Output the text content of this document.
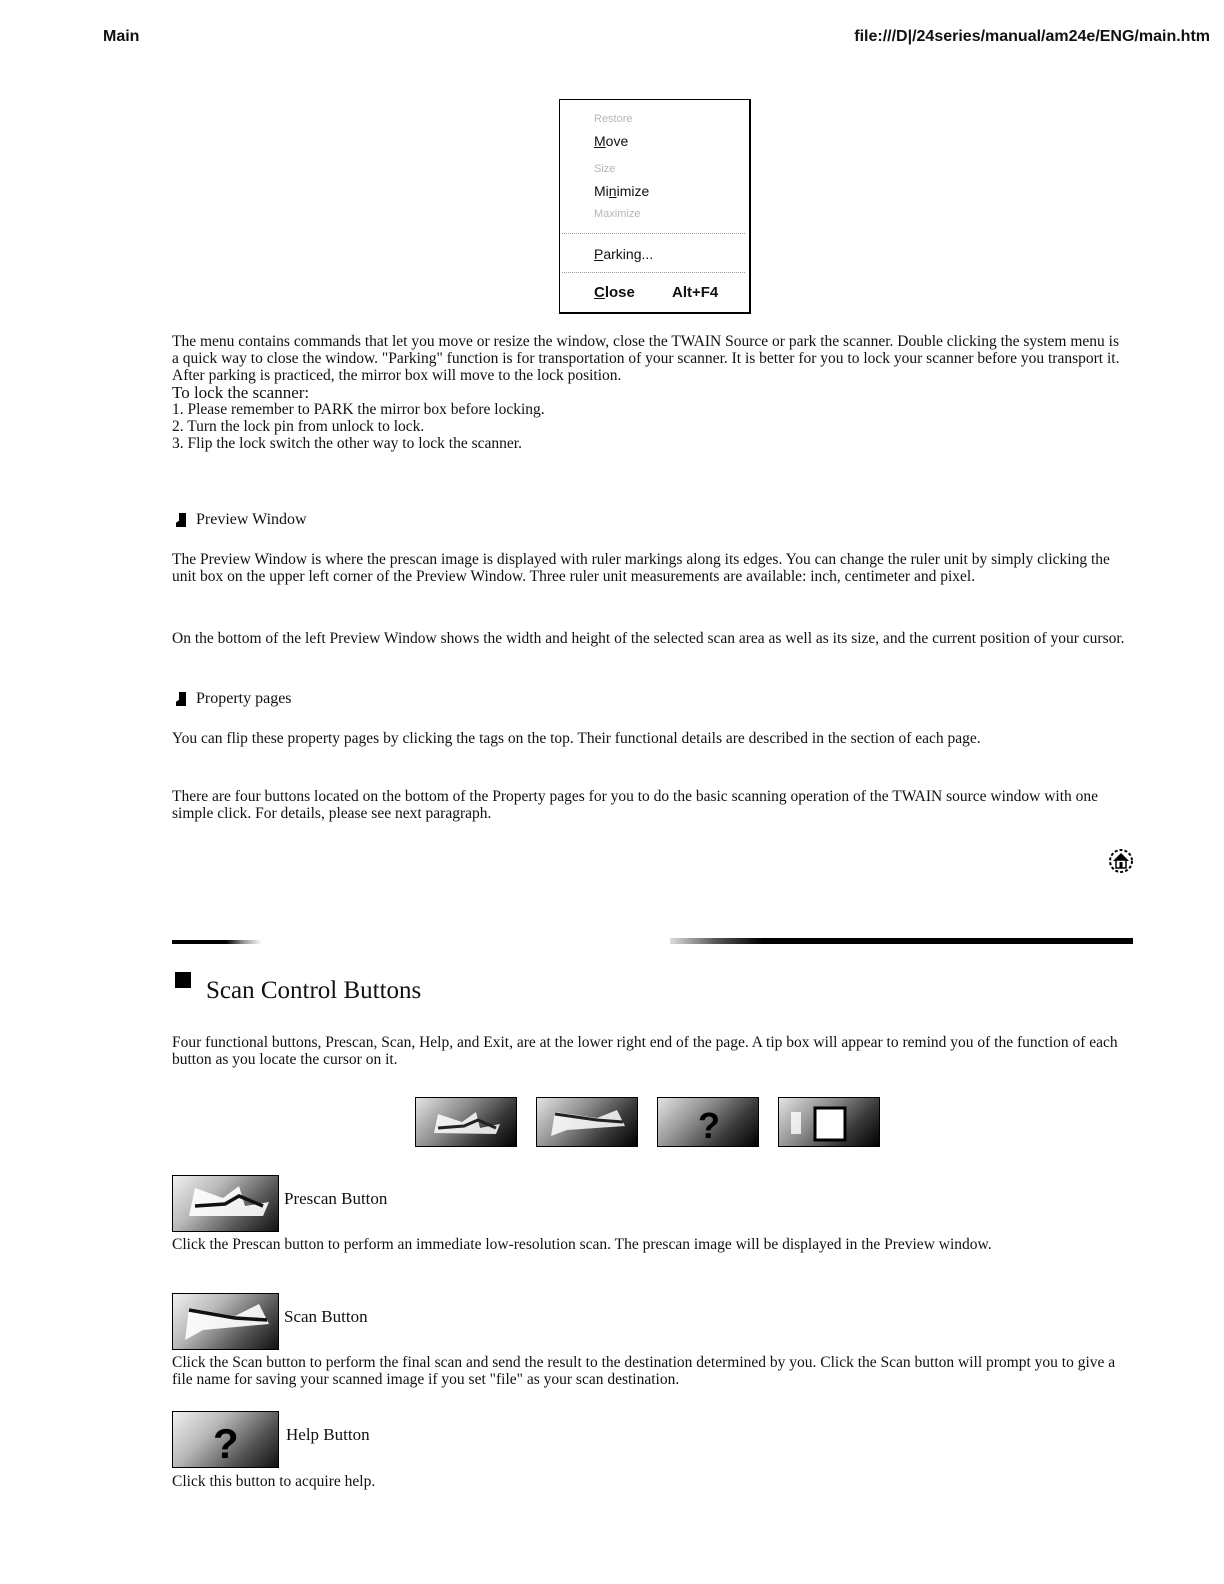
Main	file:///D|/24series/manual/am24e/ENG/main.htm
Restore
Move
Size
Minimize
Maximize
Parking...
Close Alt+F4

The menu contains commands that let you move or resize the window, close the TWAIN Source or park the scanner. Double clicking the system menu is a quick way to close the window. "Parking" function is for transportation of your scanner. It is better for you to lock your scanner before you transport it. After parking is practiced, the mirror box will move to the lock position.

To lock the scanner:

1. Please remember to PARK the mirror box before locking.

2. Turn the lock pin from unlock to lock.

3. Flip the lock switch the other way to lock the scanner.

Preview Window

The Preview Window is where the prescan image is displayed with ruler markings along its edges. You can change the ruler unit by simply clicking the unit box on the upper left corner of the Preview Window. Three ruler unit measurements are available: inch, centimeter and pixel.

On the bottom of the left Preview Window shows the width and height of the selected scan area as well as its size, and the current position of your cursor.

Property pages

You can flip these property pages by clicking the tags on the top. Their functional details are described in the section of each page.

There are four buttons located on the bottom of the Property pages for you to do the basic scanning operation of the TWAIN source window with one simple click. For details, please see next paragraph.

Scan Control Buttons

Four functional buttons, Prescan, Scan, Help, and Exit, are at the lower right end of the page. A tip box will appear to remind you of the function of each button as you locate the cursor on it.

?
Prescan Button

Click the Prescan button to perform an immediate low-resolution scan. The prescan image will be displayed in the Preview window.

Scan Button

Click the Scan button to perform the final scan and send the result to the destination determined by you. Click the Scan button will prompt you to give a file name for saving your scanned image if you set "file" as your scan destination.

?	Help Button

Click this button to acquire help.
